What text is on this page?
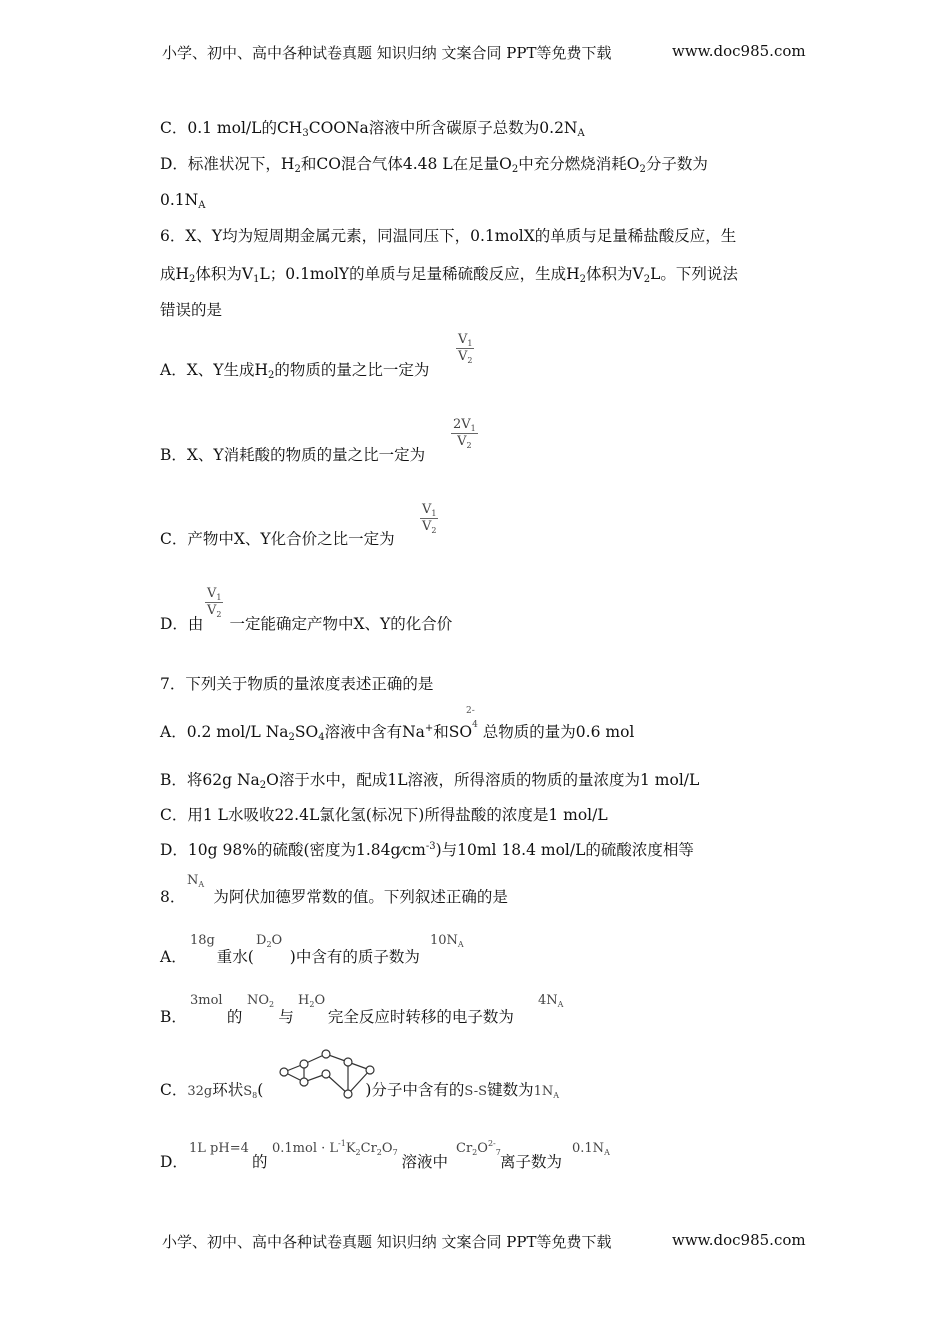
小学、初中、高中各种试卷真题 知识归纳 文案合同 PPT等免费下载	www.doc985.com
C．0.1 mol/L的$CH_3COONa$溶液中所含碳原子总数为$0.2N_A$
D．标准状况下，$H_2$和CO混合气体4.48 L在足量$O_2$中充分燃烧消耗$O_2$分子数为
$0.1N_A$
6．X、Y均为短周期金属元素，同温同压下，0.1molX的单质与足量稀盐酸反应，生
成$H_2$体积为$V_1L$；0.1molY的单质与足量稀硫酸反应，生成$H_2$体积为$V_2L$。下列说法
错误的是
A．X、Y生成$H_2$的物质的量之比一定为
$\frac{V_1}{V_2}$
B．X、Y消耗酸的物质的量之比一定为
$\frac{2V_1}{V_2}$
C．产物中X、Y化合价之比一定为
$\frac{V_1}{V_2}$
D．由 一定能确定产物中X、Y的化合价
$\frac{V_1}{V_2}$
7．下列关于物质的量浓度表述正确的是
A．0.2 mol/L $Na_2SO_4$溶液中含有Na+和$SO^4$ 总物质的量为0.6 mol
2-
B．将62g $Na_2O$溶于水中，配成1L溶液，所得溶质的物质的量浓度为1 mol/L
C．用1 L水吸收22.4L氯化氢(标况下)所得盐酸的浓度是1 mol/L
D．10g 98%的硫酸(密度为$1.84g⁄cm^{-3}$)与10ml 18.4 mol/L的硫酸浓度相等
8． 为阿伏加德罗常数的值。下列叙述正确的是
$N_A$
A． 重水( )中含有的质子数为
18g	$D_2O$	$10N_A$
B．	的 与 完全反应时转移的电子数为
3mol $NO_2$ $H_2O$	$4N_A$
C．32g环状$S_8$(	)分子中含有的S-S键数为$1N_A$
D．	的	溶液中	离子数为
1L pH=4 $0.1mol \cdot L^{-1}K_2Cr_2O_7$	$Cr_2O^{2-}_7$	$0.1N_A$
小学、初中、高中各种试卷真题 知识归纳 文案合同 PPT等免费下载	www.doc985.com
